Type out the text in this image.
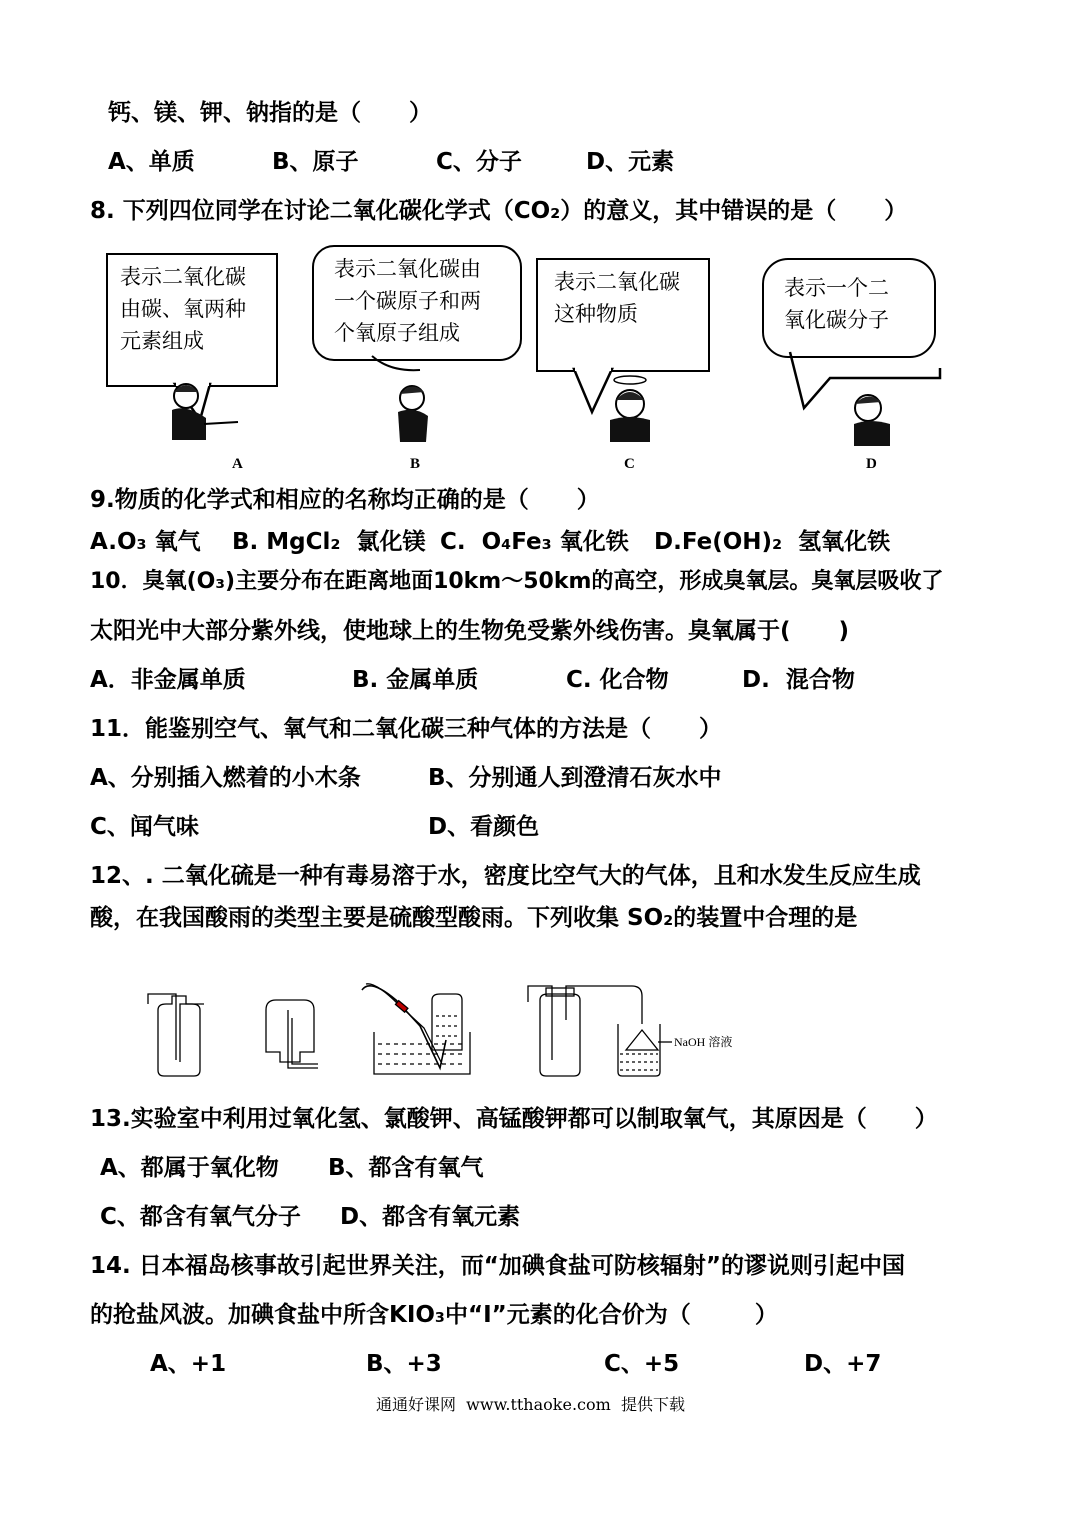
钙、镁、钾、钠指的是（      ）
A、单质	B、原子	C、分子	D、元素
8. 下列四位同学在讨论二氧化碳化学式（CO₂）的意义，其中错误的是（      ）
表示二氧化碳
由碳、氧两种
元素组成
表示二氧化碳由
一个碳原子和两
个氧原子组成
表示二氧化碳
这种物质
表示一个二
氧化碳分子
A	B	C	D
9.物质的化学式和相应的名称均正确的是（      ）
A.O₃ 氧气 B. MgCl₂  氯化镁 C.  O₄Fe₃ 氧化铁 D.Fe(OH)₂  氢氧化铁
10．臭氧(O₃)主要分布在距离地面10km～50km的高空，形成臭氧层。臭氧层吸收了
太阳光中大部分紫外线，使地球上的生物免受紫外线伤害。臭氧属于(      )
A．非金属单质	B. 金属单质	C. 化合物	D.  混合物
11．能鉴别空气、氧气和二氧化碳三种气体的方法是（      ）
A、分别插入燃着的小木条	B、分别通人到澄清石灰水中
C、闻气味	D、看颜色
12、. 二氧化硫是一种有毒易溶于水，密度比空气大的气体，且和水发生反应生成
酸，在我国酸雨的类型主要是硫酸型酸雨。下列收集 SO₂的装置中合理的是
NaOH 溶液
13.实验室中利用过氧化氢、氯酸钾、高锰酸钾都可以制取氧气，其原因是（      ）
A、都属于氧化物 B、都含有氧气
C、都含有氧气分子 D、都含有氧元素
14. 日本福岛核事故引起世界关注，而“加碘食盐可防核辐射”的谬说则引起中国
的抢盐风波。加碘食盐中所含KIO₃中“I”元素的化合价为（        ）
A、+1	B、+3	C、+5	D、+7
通通好课网  www.tthaoke.com  提供下载
